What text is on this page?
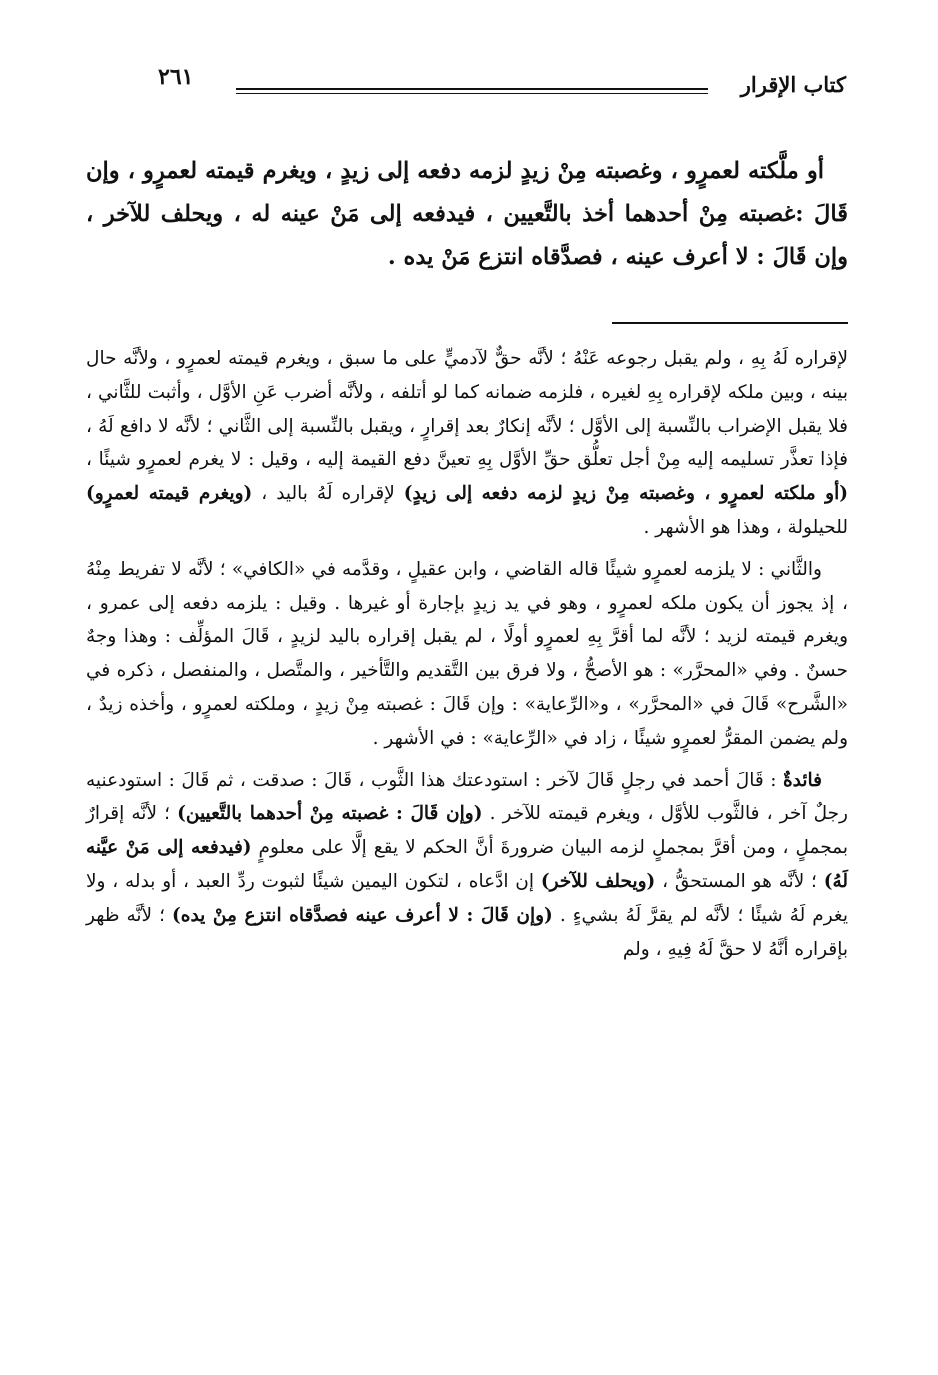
كتاب الإقرار
٢٦١

أو ملَّكته لعمرٍو ، وغصبته مِنْ زيدٍ لزمه دفعه إلى زيدٍ ، ويغرم قيمته لعمرٍو ، وإن قَالَ :غصبته مِنْ أحدهما أخذ بالتَّعيين ، فيدفعه إلى مَنْ عينه له ، ويحلف للآخر ، وإن قَالَ : لا أعرف عينه ، فصدَّقاه انتزع مَنْ يده .

لإقراره لَهُ بِهِ ، ولم يقبل رجوعه عَنْهُ ؛ لأنَّه حقٌّ لآدميٍّ على ما سبق ، ويغرم قيمته لعمرٍو ، ولأنَّه حال بينه ، وبين ملكه لإقراره بِهِ لغيره ، فلزمه ضمانه كما لو أتلفه ، ولأنَّه أضرب عَنِ الأوَّل ، وأثبت للثَّاني ، فلا يقبل الإضراب بالنِّسبة إلى الأوَّل ؛ لأنَّه إنكارٌ بعد إقرارٍ ، ويقبل بالنِّسبة إلى الثَّاني ؛ لأنَّه لا دافع لَهُ ، فإذا تعذَّر تسليمه إليه مِنْ أجل تعلُّق حقِّ الأوَّل بِهِ تعينَّ دفع القيمة إليه ، وقيل : لا يغرم لعمرٍو شيئًا ، (أو ملكته لعمرٍو ، وغصبته مِنْ زيدٍ لزمه دفعه إلى زيدٍ) لإقراره لَهُ باليد ، (ويغرم قيمته لعمرٍو) للحيلولة ، وهذا هو الأشهر .

والثَّاني : لا يلزمه لعمرٍو شيئًا قاله القاضي ، وابن عقيلٍ ، وقدَّمه في «الكافي» ؛ لأنَّه لا تفريط مِنْهُ ، إذ يجوز أن يكون ملكه لعمرٍو ، وهو في يد زيدٍ بإجارة أو غيرها . وقيل : يلزمه دفعه إلى عمرو ، ويغرم قيمته لزيد ؛ لأنَّه لما أقرَّ بِهِ لعمرٍو أولًا ، لم يقبل إقراره باليد لزيدٍ ، قَالَ المؤلِّف : وهذا وجهٌ حسنٌ . وفي «المحرَّر» : هو الأصحُّ ، ولا فرق بين التَّقديم والتَّأخير ، والمتَّصل ، والمنفصل ، ذكره في «الشَّرح» قَالَ في «المحرَّر» ، و«الرِّعاية» : وإن قَالَ : غصبته مِنْ زيدٍ ، وملكته لعمرٍو ، وأخذه زيدٌ ، ولم يضمن المقرُّ لعمرٍو شيئًا ، زاد في «الرِّعاية» : في الأشهر .

فائدةٌ : قَالَ أحمد في رجلٍ قَالَ لآخر : استودعتك هذا الثَّوب ، قَالَ : صدقت ، ثم قَالَ : استودعنيه رجلٌ آخر ، فالثَّوب للأوَّل ، ويغرم قيمته للآخر . (وإن قَالَ : غصبته مِنْ أحدهما بالتَّعيين) ؛ لأنَّه إقرارٌ بمجملٍ ، ومن أقرَّ بمجملٍ لزمه البيان ضرورةَ أنَّ الحكم لا يقع إلَّا على معلومٍ (فيدفعه إلى مَنْ عيَّنه لَهُ) ؛ لأنَّه هو المستحقُّ ، (ويحلف للآخر) إن ادَّعاه ، لتكون اليمين شيئًا لثبوت ردِّ العبد ، أو بدله ، ولا يغرم لَهُ شيئًا ؛ لأنَّه لم يقرَّ لَهُ بشيءٍ . (وإن قَالَ : لا أعرف عينه فصدَّقاه انتزع مِنْ يده) ؛ لأنَّه ظهر بإقراره أنَّهُ لا حقَّ لَهُ فِيهِ ، ولم
